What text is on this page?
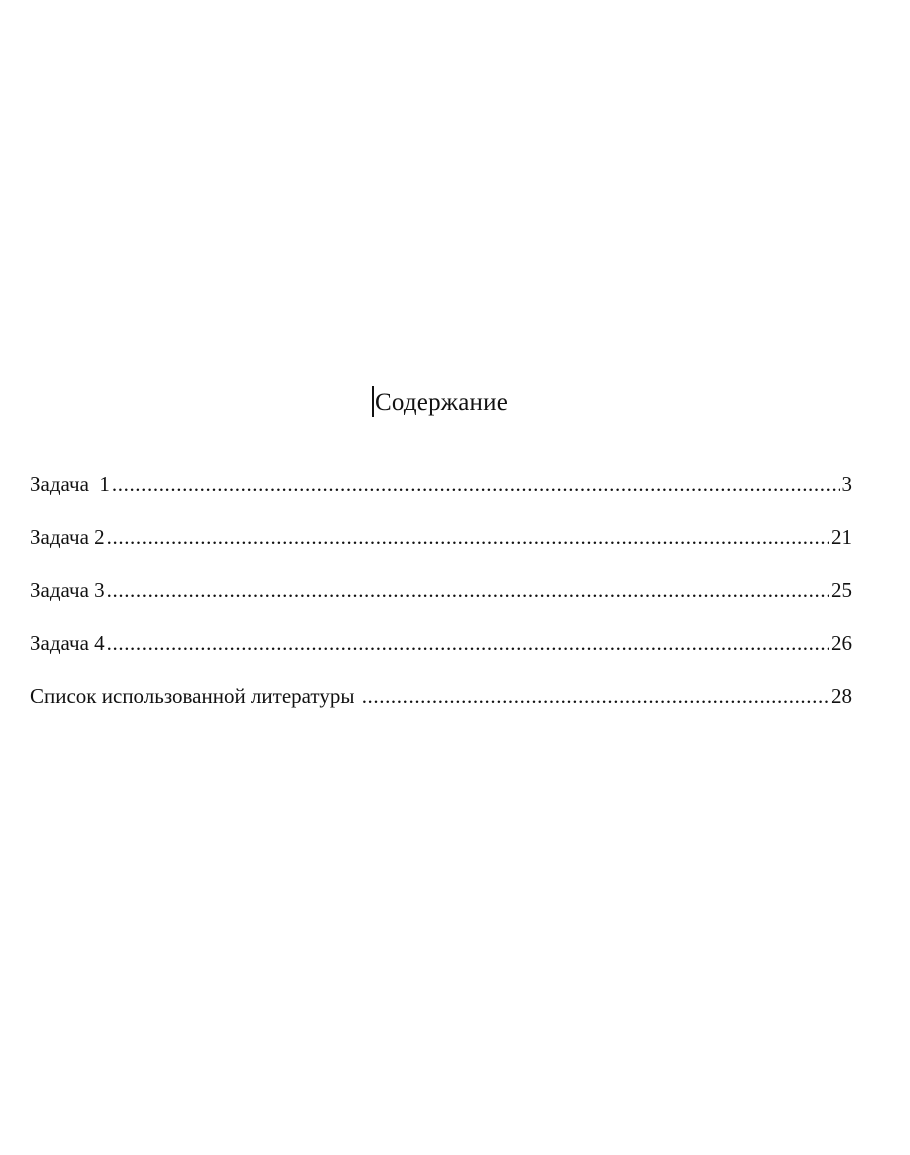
Содержание
Задача  1 .....	3
Задача 2 .....	21
Задача 3 .....	25
Задача 4 .....	26
Список использованной литературы .....	28
